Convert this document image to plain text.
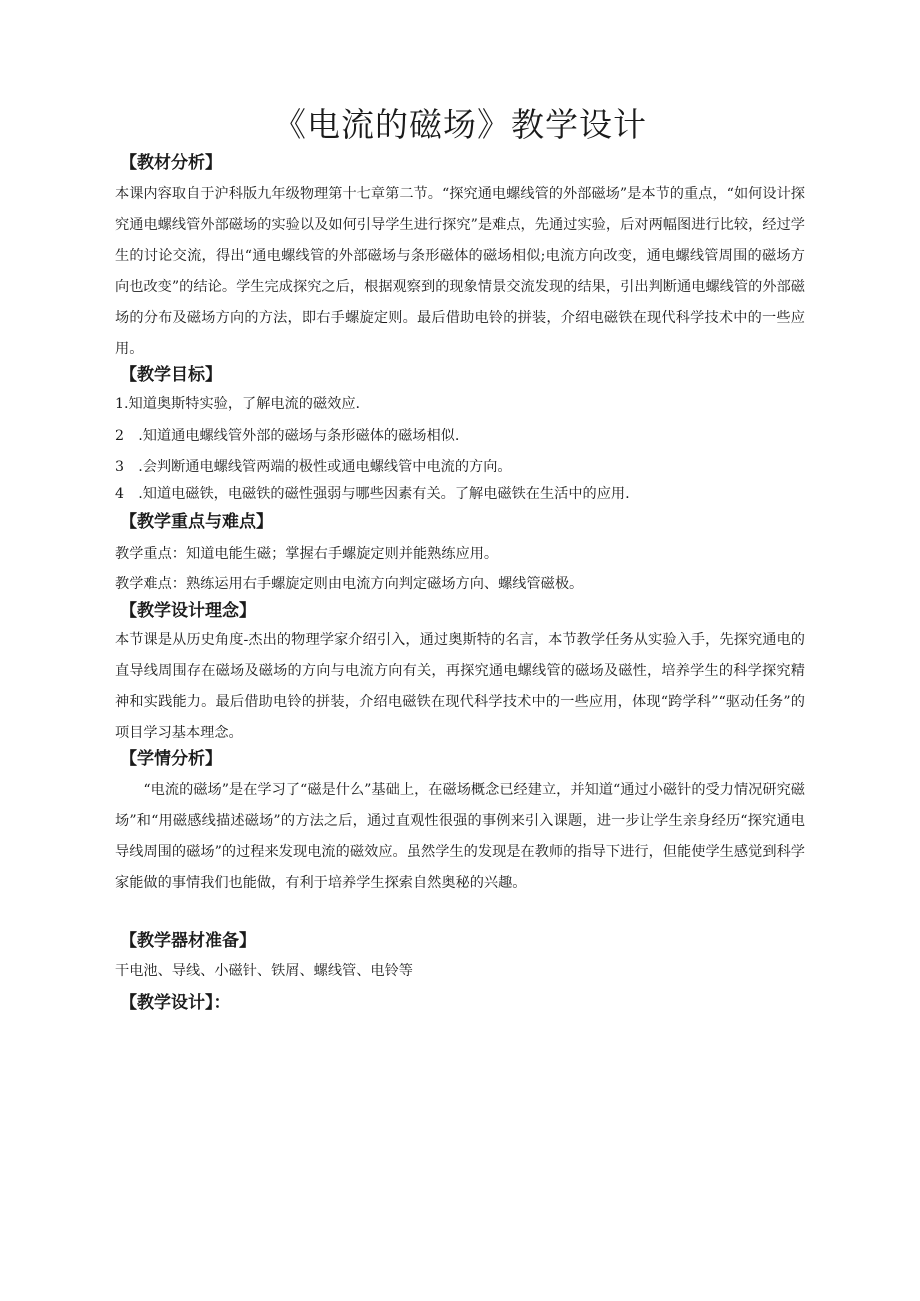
《电流的磁场》教学设计
【教材分析】
本课内容取自于沪科版九年级物理第十七章第二节。“探究通电螺线管的外部磁场”是本节的重点，“如何设计探究通电螺线管外部磁场的实验以及如何引导学生进行探究”是难点，先通过实验，后对两幅图进行比较，经过学生的讨论交流，得出“通电螺线管的外部磁场与条形磁体的磁场相似;电流方向改变，通电螺线管周围的磁场方向也改变”的结论。学生完成探究之后，根据观察到的现象情景交流发现的结果，引出判断通电螺线管的外部磁场的分布及磁场方向的方法，即右手螺旋定则。最后借助电铃的拼装，介绍电磁铁在现代科学技术中的一些应用。
【教学目标】
1.知道奥斯特实验，了解电流的磁效应.
2　.知道通电螺线管外部的磁场与条形磁体的磁场相似.
3　.会判断通电螺线管两端的极性或通电螺线管中电流的方向。
4　.知道电磁铁，电磁铁的磁性强弱与哪些因素有关。了解电磁铁在生活中的应用.
【教学重点与难点】
教学重点：知道电能生磁；掌握右手螺旋定则并能熟练应用。
教学难点：熟练运用右手螺旋定则由电流方向判定磁场方向、螺线管磁极。
【教学设计理念】
本节课是从历史角度-杰出的物理学家介绍引入，通过奥斯特的名言，本节教学任务从实验入手，先探究通电的直导线周围存在磁场及磁场的方向与电流方向有关，再探究通电螺线管的磁场及磁性，培养学生的科学探究精神和实践能力。最后借助电铃的拼装，介绍电磁铁在现代科学技术中的一些应用，体现“跨学科”“驱动任务”的项目学习基本理念。
【学情分析】
“电流的磁场”是在学习了“磁是什么”基础上，在磁场概念已经建立，并知道“通过小磁针的受力情况研究磁场”和“用磁感线描述磁场”的方法之后，通过直观性很强的事例来引入课题，进一步让学生亲身经历“探究通电导线周围的磁场”的过程来发现电流的磁效应。虽然学生的发现是在教师的指导下进行，但能使学生感觉到科学家能做的事情我们也能做，有利于培养学生探索自然奥秘的兴趣。
【教学器材准备】
干电池、导线、小磁针、铁屑、螺线管、电铃等
【教学设计】：
